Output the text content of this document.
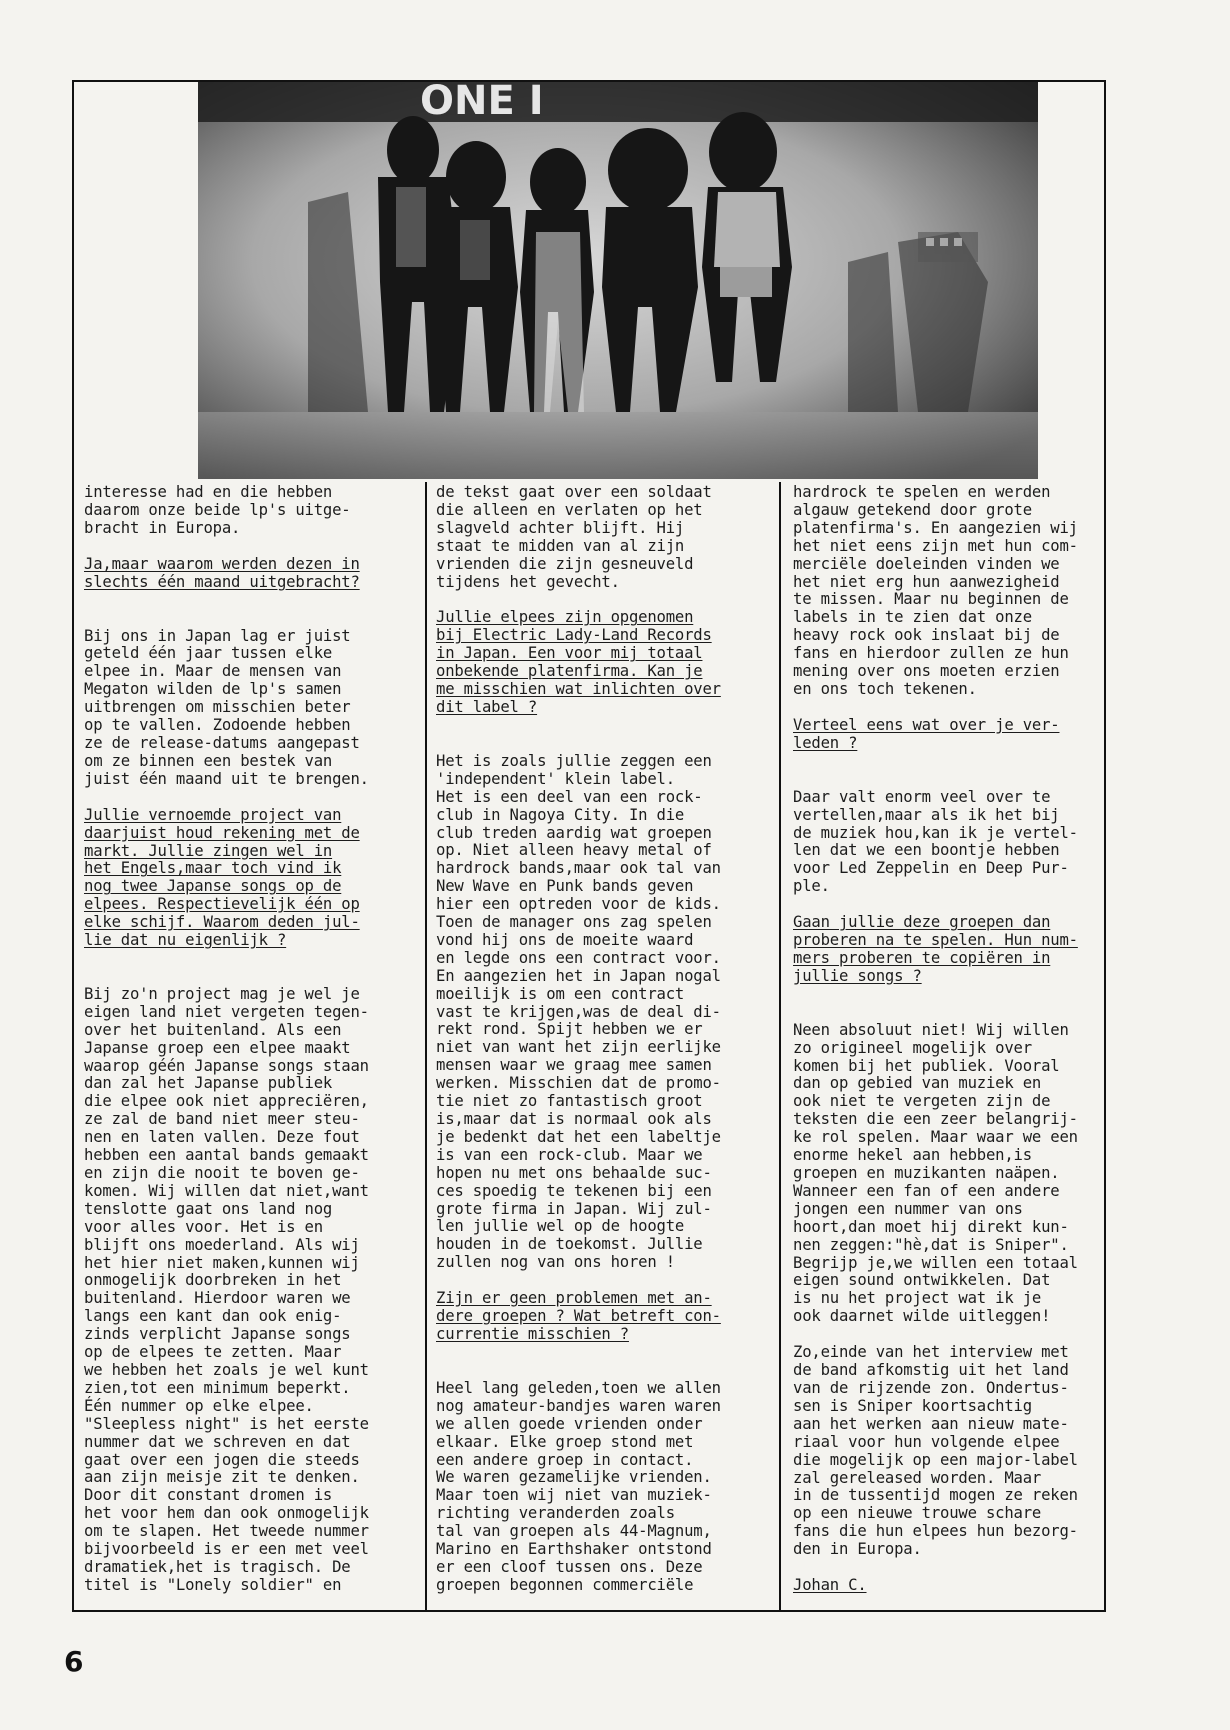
ONE I

interesse had en die hebben
daarom onze beide lp's uitge-
bracht in Europa.

Ja,maar waarom werden dezen in
slechts één maand uitgebracht?

Bij ons in Japan lag er juist
geteld één jaar tussen elke
elpee in. Maar de mensen van
Megaton wilden de lp's samen
uitbrengen om misschien beter
op te vallen. Zodoende hebben
ze de release-datums aangepast
om ze binnen een bestek van
juist één maand uit te brengen.

Jullie vernoemde project van
daarjuist houd rekening met de
markt. Jullie zingen wel in
het Engels,maar toch vind ik
nog twee Japanse songs op de
elpees. Respectievelijk één op
elke schijf. Waarom deden jul-
lie dat nu eigenlijk ?

Bij zo'n project mag je wel je
eigen land niet vergeten tegen-
over het buitenland. Als een
Japanse groep een elpee maakt
waarop géén Japanse songs staan
dan zal het Japanse publiek
die elpee ook niet appreciëren,
ze zal de band niet meer steu-
nen en laten vallen. Deze fout
hebben een aantal bands gemaakt
en zijn die nooit te boven ge-
komen. Wij willen dat niet,want
tenslotte gaat ons land nog
voor alles voor. Het is en
blijft ons moederland. Als wij
het hier niet maken,kunnen wij
onmogelijk doorbreken in het
buitenland. Hierdoor waren we
langs een kant dan ook enig-
zinds verplicht Japanse songs
op de elpees te zetten. Maar
we hebben het zoals je wel kunt
zien,tot een minimum beperkt.
Één nummer op elke elpee.
"Sleepless night" is het eerste
nummer dat we schreven en dat
gaat over een jogen die steeds
aan zijn meisje zit te denken.
Door dit constant dromen is
het voor hem dan ook onmogelijk
om te slapen. Het tweede nummer
bijvoorbeeld is er een met veel
dramatiek,het is tragisch. De
titel is "Lonely soldier" en

de tekst gaat over een soldaat
die alleen en verlaten op het
slagveld achter blijft. Hij
staat te midden van al zijn
vrienden die zijn gesneuveld
tijdens het gevecht.

Jullie elpees zijn opgenomen
bij Electric Lady-Land Records
in Japan. Een voor mij totaal
onbekende platenfirma. Kan je
me misschien wat inlichten over
dit label ?

Het is zoals jullie zeggen een
'independent' klein label.
Het is een deel van een rock-
club in Nagoya City. In die
club treden aardig wat groepen
op. Niet alleen heavy metal of
hardrock bands,maar ook tal van
New Wave en Punk bands geven
hier een optreden voor de kids.
Toen de manager ons zag spelen
vond hij ons de moeite waard
en legde ons een contract voor.
En aangezien het in Japan nogal
moeilijk is om een contract
vast te krijgen,was de deal di-
rekt rond. Spijt hebben we er
niet van want het zijn eerlijke
mensen waar we graag mee samen
werken. Misschien dat de promo-
tie niet zo fantastisch groot
is,maar dat is normaal ook als
je bedenkt dat het een labeltje
is van een rock-club. Maar we
hopen nu met ons behaalde suc-
ces spoedig te tekenen bij een
grote firma in Japan. Wij zul-
len jullie wel op de hoogte
houden in de toekomst. Jullie
zullen nog van ons horen !

Zijn er geen problemen met an-
dere groepen ? Wat betreft con-
currentie misschien ?

Heel lang geleden,toen we allen
nog amateur-bandjes waren waren
we allen goede vrienden onder
elkaar. Elke groep stond met
een andere groep in contact.
We waren gezamelijke vrienden.
Maar toen wij niet van muziek-
richting veranderden zoals
tal van groepen als 44-Magnum,
Marino en Earthshaker ontstond
er een cloof tussen ons. Deze
groepen begonnen commerciële

hardrock te spelen en werden
algauw getekend door grote
platenfirma's. En aangezien wij
het niet eens zijn met hun com-
merciële doeleinden vinden we
het niet erg hun aanwezigheid
te missen. Maar nu beginnen de
labels in te zien dat onze
heavy rock ook inslaat bij de
fans en hierdoor zullen ze hun
mening over ons moeten erzien
en ons toch tekenen.

Verteel eens wat over je ver-
leden ?

Daar valt enorm veel over te
vertellen,maar als ik het bij
de muziek hou,kan ik je vertel-
len dat we een boontje hebben
voor Led Zeppelin en Deep Pur-
ple.

Gaan jullie deze groepen dan
proberen na te spelen. Hun num-
mers proberen te copiëren in
jullie songs ?

Neen absoluut niet! Wij willen
zo origineel mogelijk over
komen bij het publiek. Vooral
dan op gebied van muziek en
ook niet te vergeten zijn de
teksten die een zeer belangrij-
ke rol spelen. Maar waar we een
enorme hekel aan hebben,is
groepen en muzikanten naäpen.
Wanneer een fan of een andere
jongen een nummer van ons
hoort,dan moet hij direkt kun-
nen zeggen:"hè,dat is Sniper".
Begrijp je,we willen een totaal
eigen sound ontwikkelen. Dat
is nu het project wat ik je
ook daarnet wilde uitleggen!

Zo,einde van het interview met
de band afkomstig uit het land
van de rijzende zon. Ondertus-
sen is Sniper koortsachtig
aan het werken aan nieuw mate-
riaal voor hun volgende elpee
die mogelijk op een major-label
zal gereleased worden. Maar
in de tussentijd mogen ze reken
op een nieuwe trouwe schare
fans die hun elpees hun bezorg-
den in Europa.

Johan C.

6
